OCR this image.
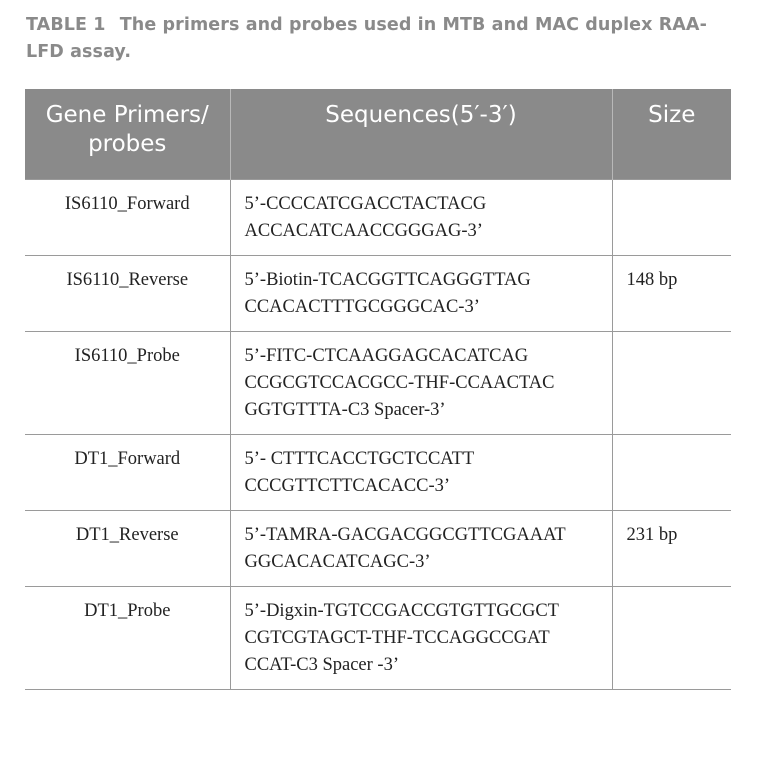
TABLE 1 The primers and probes used in MTB and MAC duplex RAA-LFD assay.
Gene Primers/ probes	Sequences(5′-3′)	Size
IS6110_Forward	5’-CCCCATCGACCTACTACG
ACCACATCAACCGGGAG-3’	

IS6110_Reverse	5’-Biotin-TCACGGTTCAGGGTTAG
CCACACTTTGCGGGCAC-3’	148 bp
IS6110_Probe	5’-FITC-CTCAAGGAGCACATCAG
CCGCGTCCACGCC-THF-CCAACTAC
GGTGTTTA-C3 Spacer-3’	

DT1_Forward	5’- CTTTCACCTGCTCCATT
CCCGTTCTTCACACC-3’	

DT1_Reverse	5’-TAMRA-GACGACGGCGTTCGAAAT
GGCACACATCAGC-3’	231 bp
DT1_Probe	5’-Digxin-TGTCCGACCGTGTTGCGCT
CGTCGTAGCT-THF-TCCAGGCCGAT
CCAT-C3 Spacer -3’	
